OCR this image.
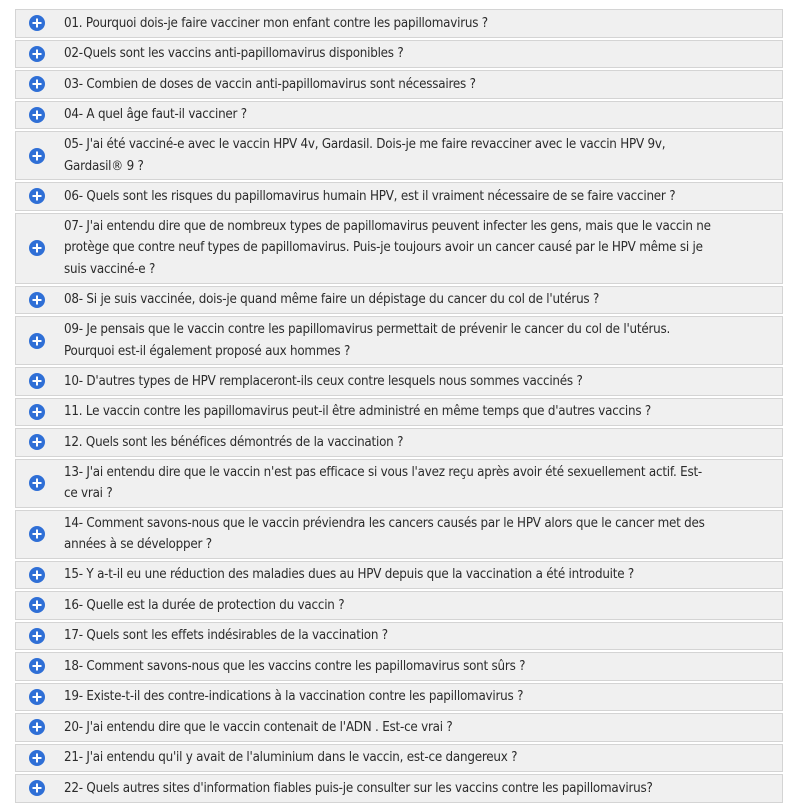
01. Pourquoi dois-je faire vacciner mon enfant contre les papillomavirus ?
02-Quels sont les vaccins anti-papillomavirus disponibles ?
03- Combien de doses de vaccin anti-papillomavirus sont nécessaires ?
04- A quel âge faut-il vacciner ?
05- J'ai été vacciné-e avec le vaccin HPV 4v, Gardasil. Dois-je me faire revacciner avec le vaccin HPV 9v, Gardasil® 9 ?
06- Quels sont les risques du papillomavirus humain HPV, est il vraiment nécessaire de se faire vacciner ?
07- J'ai entendu dire que de nombreux types de papillomavirus peuvent infecter les gens, mais que le vaccin ne protège que contre neuf types de papillomavirus. Puis-je toujours avoir un cancer causé par le HPV même si je suis vacciné-e ?
08- Si je suis vaccinée, dois-je quand même faire un dépistage du cancer du col de l'utérus ?
09- Je pensais que le vaccin contre les papillomavirus permettait de prévenir le cancer du col de l'utérus. Pourquoi est-il également proposé aux hommes ?
10- D'autres types de HPV remplaceront-ils ceux contre lesquels nous sommes vaccinés ?
11. Le vaccin contre les papillomavirus peut-il être administré en même temps que d'autres vaccins ?
12. Quels sont les bénéfices démontrés de la vaccination ?
13- J'ai entendu dire que le vaccin n'est pas efficace si vous l'avez reçu après avoir été sexuellement actif. Est-ce vrai ?
14- Comment savons-nous que le vaccin préviendra les cancers causés par le HPV alors que le cancer met des années à se développer ?
15- Y a-t-il eu une réduction des maladies dues au HPV depuis que la vaccination a été introduite ?
16- Quelle est la durée de protection du vaccin ?
17- Quels sont les effets indésirables de la vaccination ?
18- Comment savons-nous que les vaccins contre les papillomavirus sont sûrs ?
19- Existe-t-il des contre-indications à la vaccination contre les papillomavirus ?
20- J'ai entendu dire que le vaccin contenait de l'ADN . Est-ce vrai ?
21- J'ai entendu qu'il y avait de l'aluminium dans le vaccin, est-ce dangereux ?
22- Quels autres sites d'information fiables puis-je consulter sur les vaccins contre les papillomavirus?
